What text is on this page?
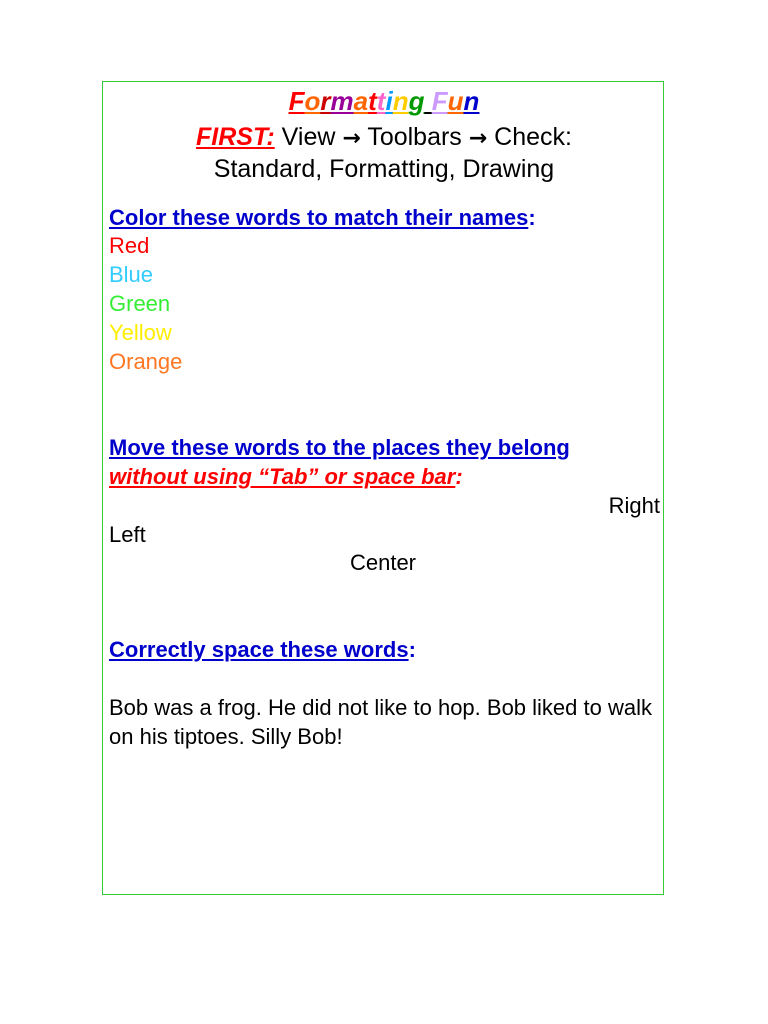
Formatting Fun
FIRST: View → Toolbars → Check:
Standard, Formatting, Drawing
Color these words to match their names:
Red
Blue
Green
Yellow
Orange
Move these words to the places they belong
without using “Tab” or space bar:
Right
Left
Center
Correctly space these words:
Bob was a frog. He did not like to hop. Bob liked to walk on his tiptoes. Silly Bob!
